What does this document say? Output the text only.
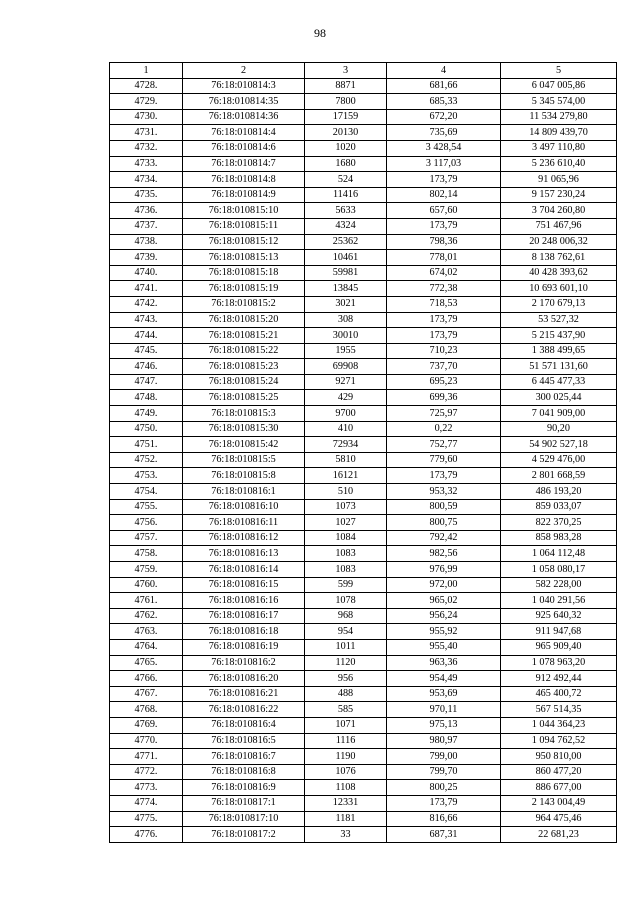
98
1	2	3	4	5
4728.	76:18:010814:3	8871	681,66	6 047 005,86
4729.	76:18:010814:35	7800	685,33	5 345 574,00
4730.	76:18:010814:36	17159	672,20	11 534 279,80
4731.	76:18:010814:4	20130	735,69	14 809 439,70
4732.	76:18:010814:6	1020	3 428,54	3 497 110,80
4733.	76:18:010814:7	1680	3 117,03	5 236 610,40
4734.	76:18:010814:8	524	173,79	91 065,96
4735.	76:18:010814:9	11416	802,14	9 157 230,24
4736.	76:18:010815:10	5633	657,60	3 704 260,80
4737.	76:18:010815:11	4324	173,79	751 467,96
4738.	76:18:010815:12	25362	798,36	20 248 006,32
4739.	76:18:010815:13	10461	778,01	8 138 762,61
4740.	76:18:010815:18	59981	674,02	40 428 393,62
4741.	76:18:010815:19	13845	772,38	10 693 601,10
4742.	76:18:010815:2	3021	718,53	2 170 679,13
4743.	76:18:010815:20	308	173,79	53 527,32
4744.	76:18:010815:21	30010	173,79	5 215 437,90
4745.	76:18:010815:22	1955	710,23	1 388 499,65
4746.	76:18:010815:23	69908	737,70	51 571 131,60
4747.	76:18:010815:24	9271	695,23	6 445 477,33
4748.	76:18:010815:25	429	699,36	300 025,44
4749.	76:18:010815:3	9700	725,97	7 041 909,00
4750.	76:18:010815:30	410	0,22	90,20
4751.	76:18:010815:42	72934	752,77	54 902 527,18
4752.	76:18:010815:5	5810	779,60	4 529 476,00
4753.	76:18:010815:8	16121	173,79	2 801 668,59
4754.	76:18:010816:1	510	953,32	486 193,20
4755.	76:18:010816:10	1073	800,59	859 033,07
4756.	76:18:010816:11	1027	800,75	822 370,25
4757.	76:18:010816:12	1084	792,42	858 983,28
4758.	76:18:010816:13	1083	982,56	1 064 112,48
4759.	76:18:010816:14	1083	976,99	1 058 080,17
4760.	76:18:010816:15	599	972,00	582 228,00
4761.	76:18:010816:16	1078	965,02	1 040 291,56
4762.	76:18:010816:17	968	956,24	925 640,32
4763.	76:18:010816:18	954	955,92	911 947,68
4764.	76:18:010816:19	1011	955,40	965 909,40
4765.	76:18:010816:2	1120	963,36	1 078 963,20
4766.	76:18:010816:20	956	954,49	912 492,44
4767.	76:18:010816:21	488	953,69	465 400,72
4768.	76:18:010816:22	585	970,11	567 514,35
4769.	76:18:010816:4	1071	975,13	1 044 364,23
4770.	76:18:010816:5	1116	980,97	1 094 762,52
4771.	76:18:010816:7	1190	799,00	950 810,00
4772.	76:18:010816:8	1076	799,70	860 477,20
4773.	76:18:010816:9	1108	800,25	886 677,00
4774.	76:18:010817:1	12331	173,79	2 143 004,49
4775.	76:18:010817:10	1181	816,66	964 475,46
4776.	76:18:010817:2	33	687,31	22 681,23
